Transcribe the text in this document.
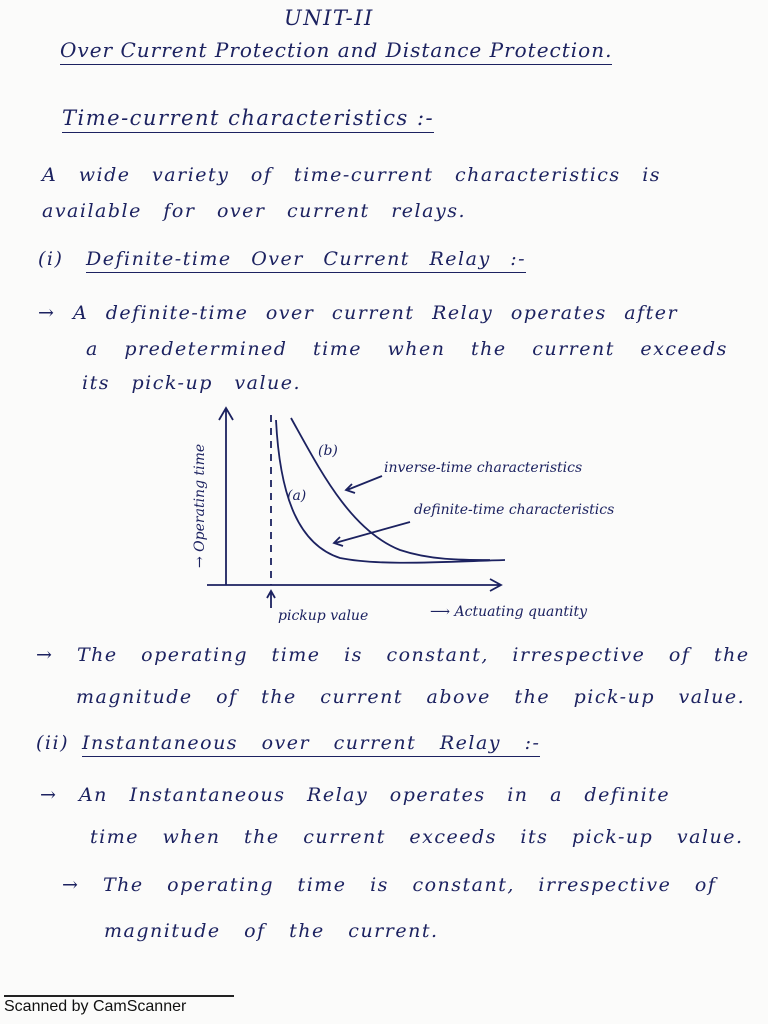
UNIT-II
Over Current Protection and Distance Protection.
Time-current characteristics :-
A wide variety of time-current characteristics is
available for over current relays.
(i) Definite-time Over Current Relay :-
→ A definite-time over current Relay operates after
a predetermined time when the current exceeds
its pick-up value.
(b)
(a)
inverse-time characteristics
definite-time characteristics
pickup value	⟶ Actuating quantity
→ Operating time
→ The operating time is constant, irrespective of the
magnitude of the current above the pick-up value.
(ii) Instantaneous over current Relay :-
→ An Instantaneous Relay operates in a definite
time when the current exceeds its pick-up value.
→ The operating time is constant, irrespective of
magnitude of the current.
Scanned by CamScanner
